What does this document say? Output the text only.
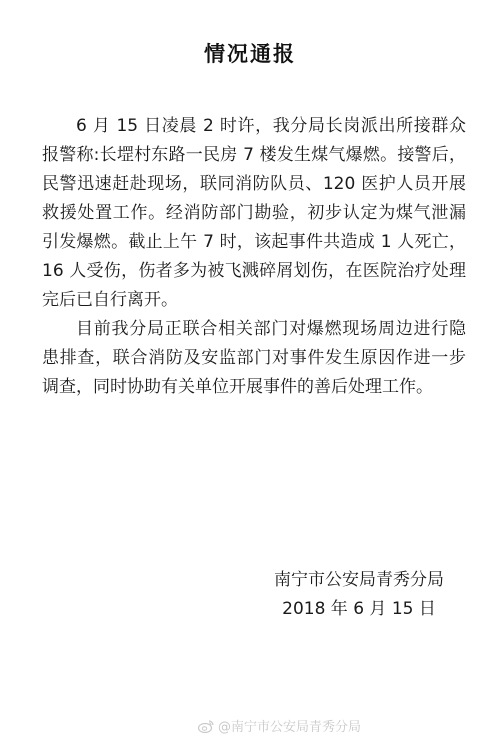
情况通报

6 月 15 日凌晨 2 时许，我分局长岗派出所接群众报警称:长堽村东路一民房 7 楼发生煤气爆燃。接警后，民警迅速赶赴现场，联同消防队员、120 医护人员开展救援处置工作。经消防部门勘验，初步认定为煤气泄漏引发爆燃。截止上午 7 时，该起事件共造成 1 人死亡，16 人受伤，伤者多为被飞溅碎屑划伤，在医院治疗处理完后已自行离开。

目前我分局正联合相关部门对爆燃现场周边进行隐患排查，联合消防及安监部门对事件发生原因作进一步调查，同时协助有关单位开展事件的善后处理工作。

南宁市公安局青秀分局
2018 年 6 月 15 日
@南宁市公安局青秀分局
